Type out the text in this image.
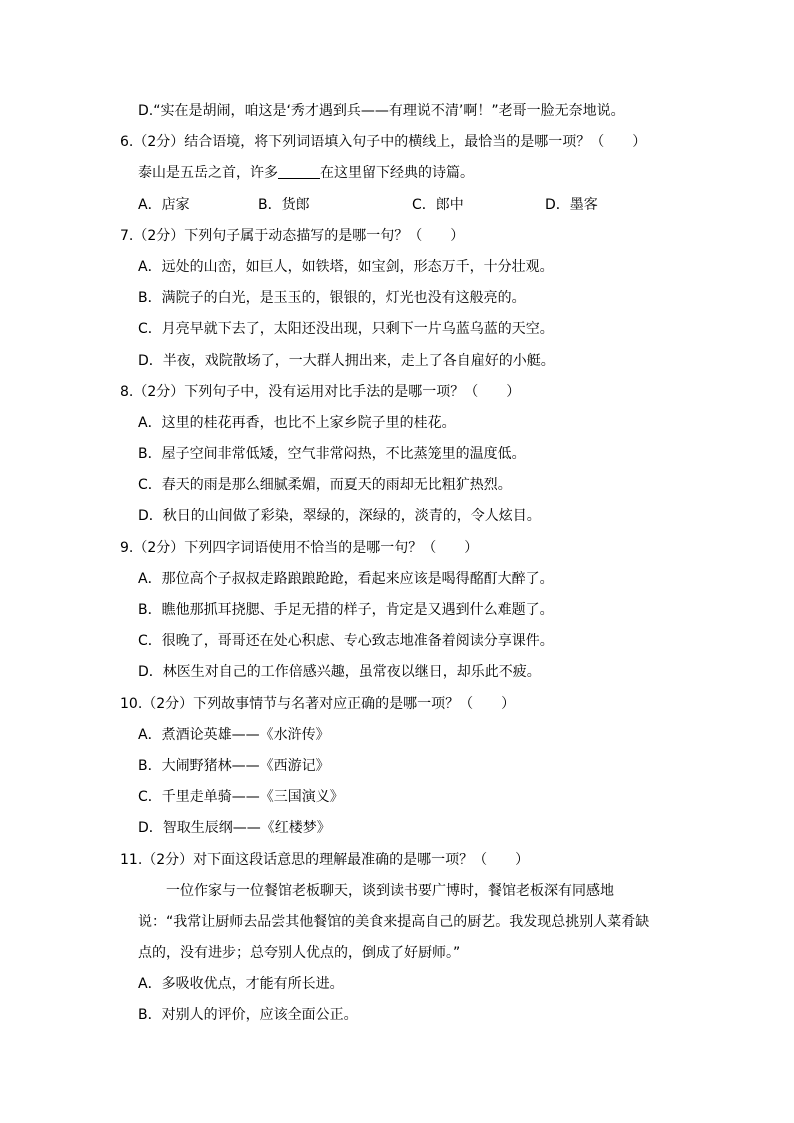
D.“实在是胡闹，咱这是‘秀才遇到兵——有理说不清’啊！”老哥一脸无奈地说。
6.（2分）结合语境，将下列词语填入句子中的横线上，最恰当的是哪一项？（　　）
泰山是五岳之首，许多	在这里留下经典的诗篇。
A．店家	B．货郎	C．郎中	D．墨客
7.（2分）下列句子属于动态描写的是哪一句？（　　）
A．远处的山峦，如巨人，如铁塔，如宝剑，形态万千，十分壮观。
B．满院子的白光，是玉玉的，银银的，灯光也没有这般亮的。
C．月亮早就下去了，太阳还没出现，只剩下一片乌蓝乌蓝的天空。
D．半夜，戏院散场了，一大群人拥出来，走上了各自雇好的小艇。
8.（2分）下列句子中，没有运用对比手法的是哪一项？（　　）
A．这里的桂花再香，也比不上家乡院子里的桂花。
B．屋子空间非常低矮，空气非常闷热，不比蒸笼里的温度低。
C．春天的雨是那么细腻柔媚，而夏天的雨却无比粗犷热烈。
D．秋日的山间做了彩染，翠绿的，深绿的，淡青的，令人炫目。
9.（2分）下列四字词语使用不恰当的是哪一句？（　　）
A．那位高个子叔叔走路踉踉跄跄，看起来应该是喝得酩酊大醉了。
B．瞧他那抓耳挠腮、手足无措的样子，肯定是又遇到什么难题了。
C．很晚了，哥哥还在处心积虑、专心致志地准备着阅读分享课件。
D．林医生对自己的工作倍感兴趣，虽常夜以继日，却乐此不疲。
10.（2分）下列故事情节与名著对应正确的是哪一项？（　　）
A．煮酒论英雄——《水浒传》
B．大闹野猪林——《西游记》
C．千里走单骑——《三国演义》
D．智取生辰纲——《红楼梦》
11.（2分）对下面这段话意思的理解最准确的是哪一项？（　　）
一位作家与一位餐馆老板聊天，谈到读书要广博时，餐馆老板深有同感地说：“我常让厨师去品尝其他餐馆的美食来提高自己的厨艺。我发现总挑别人菜肴缺点的，没有进步；总夸别人优点的，倒成了好厨师。”
A．多吸收优点，才能有所长进。
B．对别人的评价，应该全面公正。
